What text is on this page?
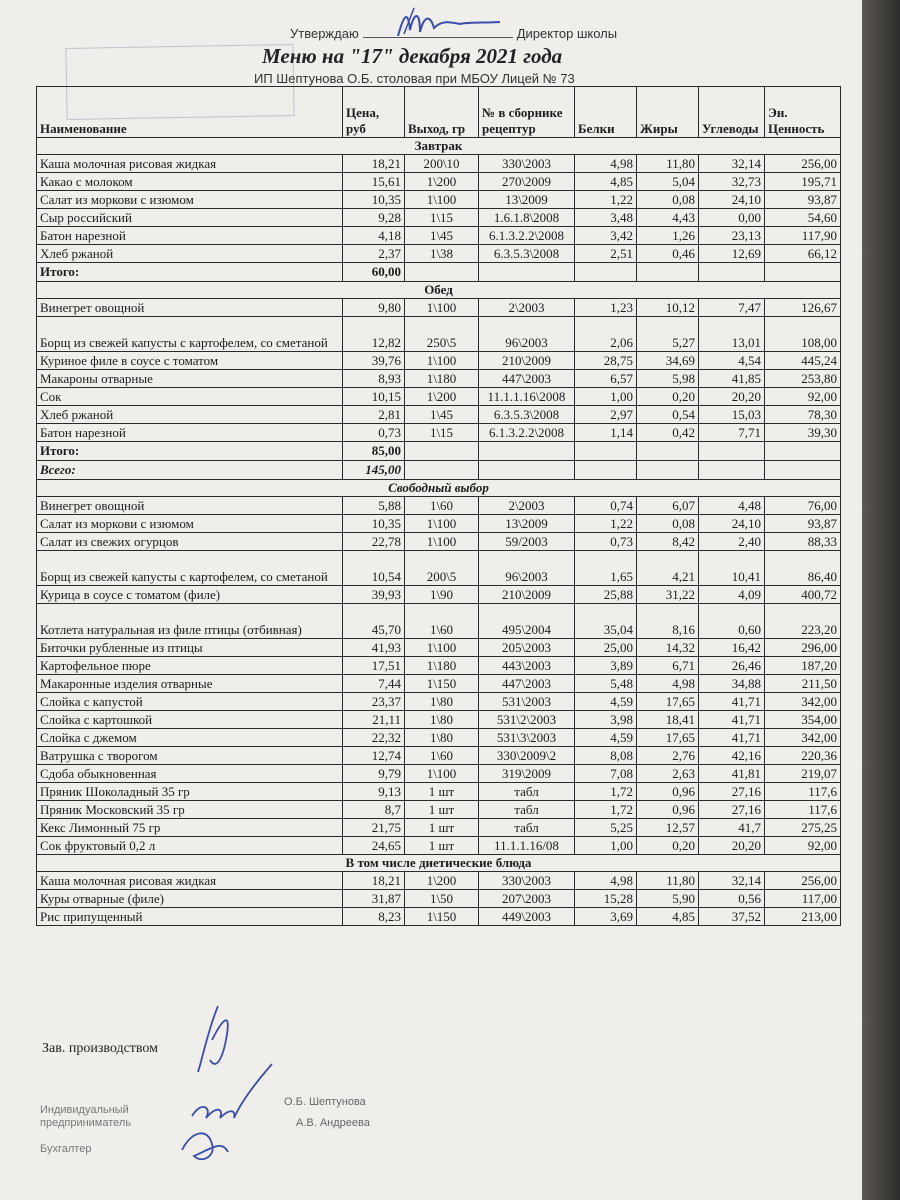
Утверждаю	Директор школы
Меню на "17" декабря 2021 года
ИП Шептунова О.Б. столовая при МБОУ Лицей № 73
Наименование	Цена, руб	Выход, гр	№ в сборнике рецептур	Белки	Жиры	Углеводы	Эн. Ценность
Завтрак							
Каша молочная рисовая жидкая	18,21	200\10	330\2003	4,98	11,80	32,14	256,00
Какао с молоком	15,61	1\200	270\2009	4,85	5,04	32,73	195,71
Салат из моркови с изюмом	10,35	1\100	13\2009	1,22	0,08	24,10	93,87
Сыр российский	9,28	1\15	1.6.1.8\2008	3,48	4,43	0,00	54,60
Батон нарезной	4,18	1\45	6.1.3.2.2\2008	3,42	1,26	23,13	117,90
Хлеб ржаной	2,37	1\38	6.3.5.3\2008	2,51	0,46	12,69	66,12
Итого:	60,00						
Обед							
Винегрет овощной	9,80	1\100	2\2003	1,23	10,12	7,47	126,67
Борщ из свежей капусты с картофелем, со сметаной	12,82	250\5	96\2003	2,06	5,27	13,01	108,00
Куриное филе в соусе с томатом	39,76	1\100	210\2009	28,75	34,69	4,54	445,24
Макароны отварные	8,93	1\180	447\2003	6,57	5,98	41,85	253,80
Сок	10,15	1\200	11.1.1.16\2008	1,00	0,20	20,20	92,00
Хлеб ржаной	2,81	1\45	6.3.5.3\2008	2,97	0,54	15,03	78,30
Батон нарезной	0,73	1\15	6.1.3.2.2\2008	1,14	0,42	7,71	39,30
Итого:	85,00						
Всего:	145,00						
Свободный выбор							
Винегрет овощной	5,88	1\60	2\2003	0,74	6,07	4,48	76,00
Салат из моркови с изюмом	10,35	1\100	13\2009	1,22	0,08	24,10	93,87
Салат из свежих огурцов	22,78	1\100	59/2003	0,73	8,42	2,40	88,33
Борщ из свежей капусты с картофелем, со сметаной	10,54	200\5	96\2003	1,65	4,21	10,41	86,40
Курица в соусе с томатом (филе)	39,93	1\90	210\2009	25,88	31,22	4,09	400,72
Котлета натуральная из филе птицы (отбивная)	45,70	1\60	495\2004	35,04	8,16	0,60	223,20
Биточки рубленные из птицы	41,93	1\100	205\2003	25,00	14,32	16,42	296,00
Картофельное пюре	17,51	1\180	443\2003	3,89	6,71	26,46	187,20
Макаронные изделия отварные	7,44	1\150	447\2003	5,48	4,98	34,88	211,50
Слойка с капустой	23,37	1\80	531\2003	4,59	17,65	41,71	342,00
Слойка с картошкой	21,11	1\80	531\2\2003	3,98	18,41	41,71	354,00
Слойка с джемом	22,32	1\80	531\3\2003	4,59	17,65	41,71	342,00
Ватрушка с творогом	12,74	1\60	330\2009\2	8,08	2,76	42,16	220,36
Сдоба обыкновенная	9,79	1\100	319\2009	7,08	2,63	41,81	219,07
Пряник Шоколадный 35 гр	9,13	1 шт	табл	1,72	0,96	27,16	117,6
Пряник Московский 35 гр	8,7	1 шт	табл	1,72	0,96	27,16	117,6
Кекс Лимонный 75 гр	21,75	1 шт	табл	5,25	12,57	41,7	275,25
Сок фруктовый 0,2 л	24,65	1 шт	11.1.1.16/08	1,00	0,20	20,20	92,00
В том числе диетические блюда							
Каша молочная рисовая жидкая	18,21	1\200	330\2003	4,98	11,80	32,14	256,00
Куры отварные (филе)	31,87	1\50	207\2003	15,28	5,90	0,56	117,00
Рис припущенный	8,23	1\150	449\2003	3,69	4,85	37,52	213,00
Зав. производством
Индивидуальный предприниматель
Бухгалтер
О.Б. Шептунова
А.В. Андреева
